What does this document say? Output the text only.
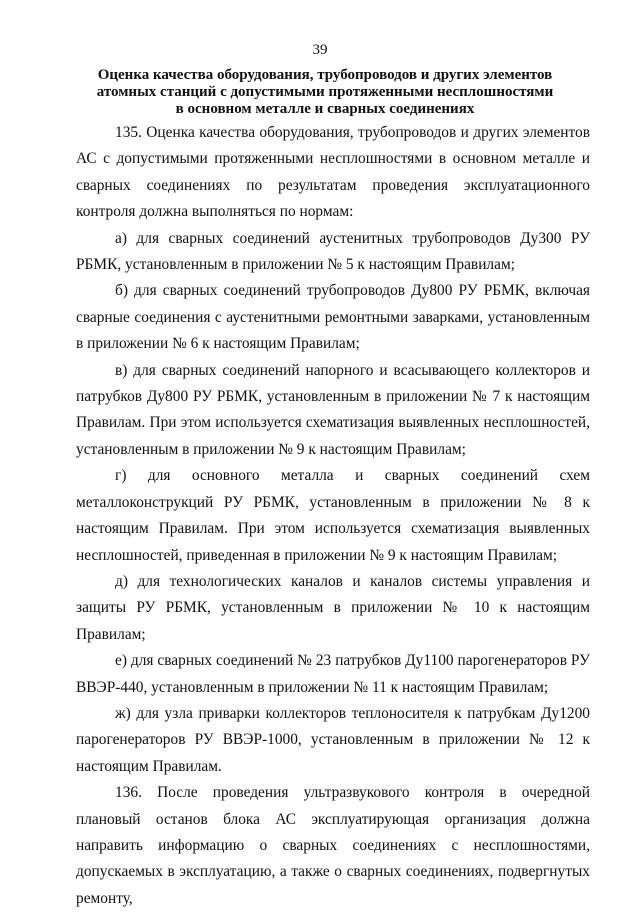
39
Оценка качества оборудования, трубопроводов и других элементов атомных станций с допустимыми протяженными несплошностями в основном металле и сварных соединениях

135. Оценка качества оборудования, трубопроводов и других элементов АС с допустимыми протяженными несплошностями в основном металле и сварных соединениях по результатам проведения эксплуатационного контроля должна выполняться по нормам:

а) для сварных соединений аустенитных трубопроводов Ду300 РУ РБМК, установленным в приложении № 5 к настоящим Правилам;

б) для сварных соединений трубопроводов Ду800 РУ РБМК, включая сварные соединения с аустенитными ремонтными заварками, установленным в приложении № 6 к настоящим Правилам;

в) для сварных соединений напорного и всасывающего коллекторов и патрубков Ду800 РУ РБМК, установленным в приложении № 7 к настоящим Правилам. При этом используется схематизация выявленных несплошностей, установленным в приложении № 9 к настоящим Правилам;

г) для основного металла и сварных соединений схем металлоконструкций РУ РБМК, установленным в приложении № 8 к настоящим Правилам. При этом используется схематизация выявленных несплошностей, приведенная в приложении № 9 к настоящим Правилам;

д) для технологических каналов и каналов системы управления и защиты РУ РБМК, установленным в приложении № 10 к настоящим Правилам;

е) для сварных соединений № 23 патрубков Ду1100 парогенераторов РУ ВВЭР-440, установленным в приложении № 11 к настоящим Правилам;

ж) для узла приварки коллекторов теплоносителя к патрубкам Ду1200 парогенераторов РУ ВВЭР-1000, установленным в приложении № 12 к настоящим Правилам.

136. После проведения ультразвукового контроля в очередной плановый останов блока АС эксплуатирующая организация должна направить информацию о сварных соединениях с несплошностями, допускаемых в эксплуатацию, а также о сварных соединениях, подвергнутых ремонту,
